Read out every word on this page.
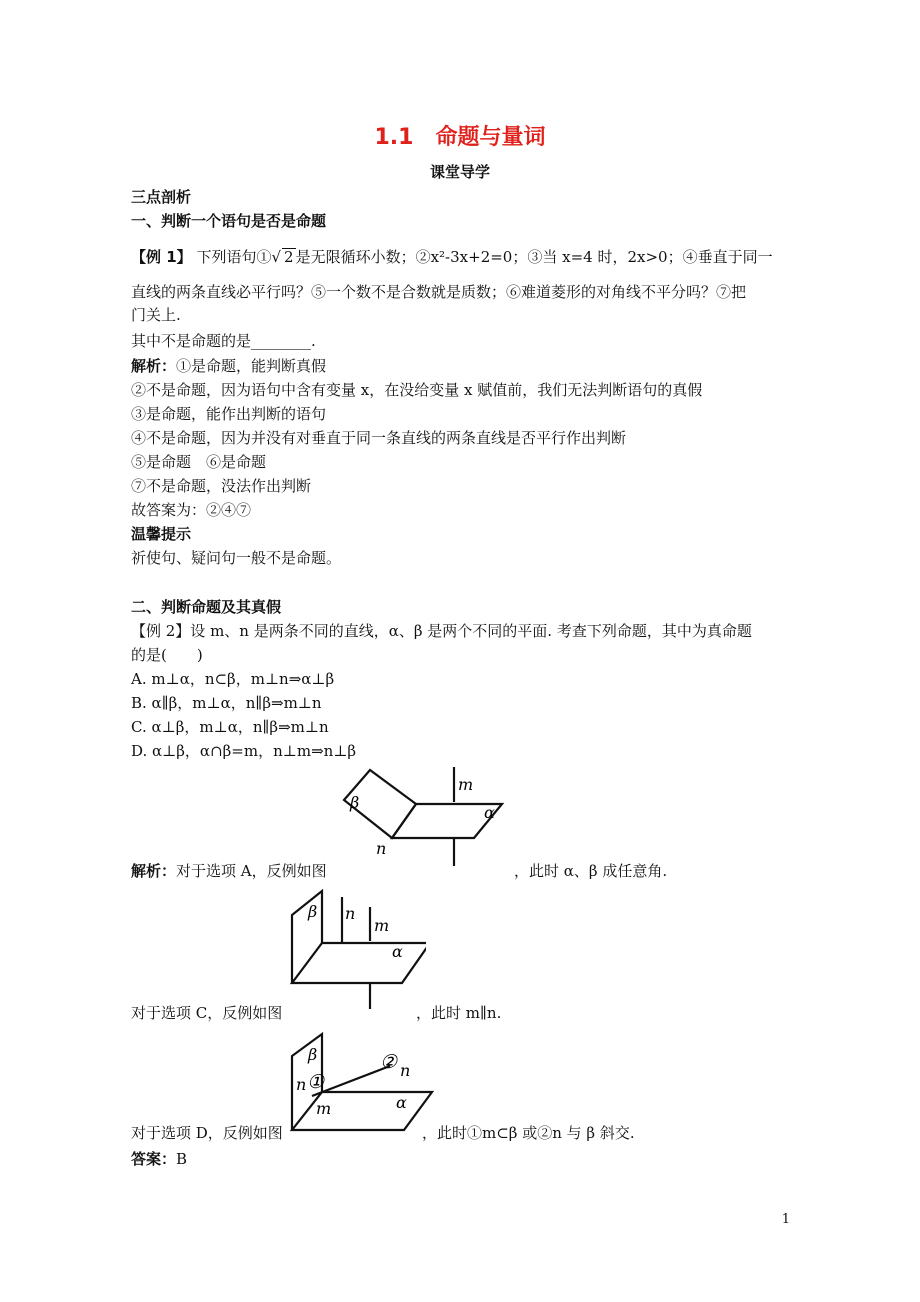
1.1　命题与量词
课堂导学
三点剖析
一、判断一个语句是否是命题
【例 1】 下列语句①√ 2 是无限循环小数；②x²-3x+2=0；③当 x=4 时，2x>0；④垂直于同一
直线的两条直线必平行吗？⑤一个数不是合数就是质数；⑥难道菱形的对角线不平分吗？⑦把
门关上.
其中不是命题的是________.
解析：①是命题，能判断真假
②不是命题，因为语句中含有变量 x，在没给变量 x 赋值前，我们无法判断语句的真假
③是命题，能作出判断的语句
④不是命题，因为并没有对垂直于同一条直线的两条直线是否平行作出判断
⑤是命题　⑥是命题
⑦不是命题，没法作出判断
故答案为：②④⑦
温馨提示
祈使句、疑问句一般不是命题。
二、判断命题及其真假
【例 2】设 m、n 是两条不同的直线，α、β 是两个不同的平面. 考查下列命题，其中为真命题
的是(　　)
A. m⊥α，n⊂β，m⊥n⇒α⊥β
B. α∥β，m⊥α，n∥β⇒m⊥n
C. α⊥β，m⊥α，n∥β⇒m⊥n
D. α⊥β，α∩β=m，n⊥m⇒n⊥β
β
m
α
n
解析：对于选项 A，反例如图	，此时 α、β 成任意角.
β n
m
α
对于选项 C，反例如图	，此时 m∥n.
β	② n
n ①
m	α
对于选项 D，反例如图	，此时①m⊂β 或②n 与 β 斜交.
答案：B
1
